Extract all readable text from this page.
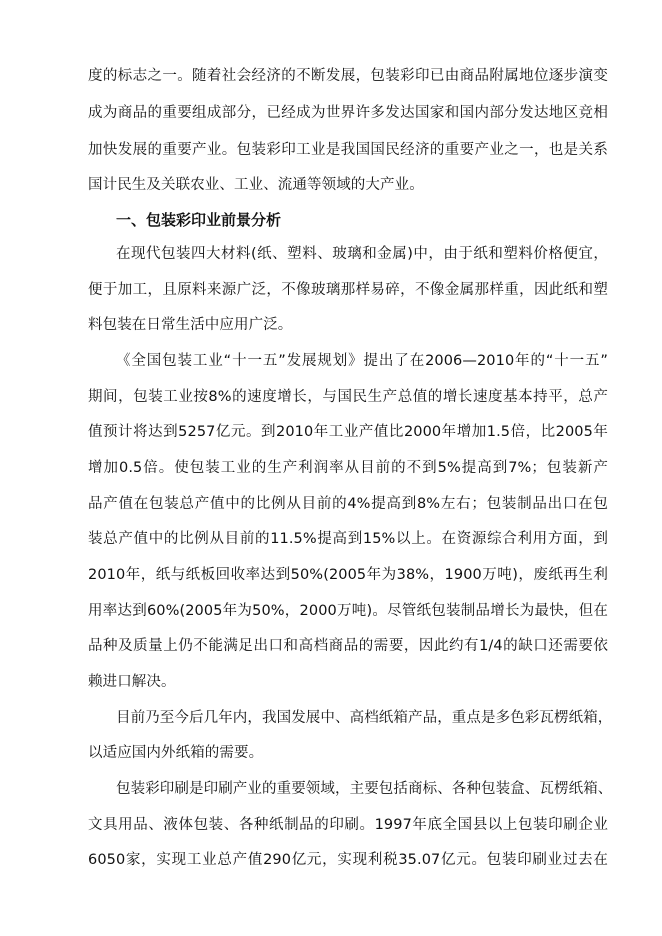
度的标志之一。随着社会经济的不断发展，包装彩印已由商品附属地位逐步演变
成为商品的重要组成部分，已经成为世界许多发达国家和国内部分发达地区竞相
加快发展的重要产业。包装彩印工业是我国国民经济的重要产业之一，也是关系
国计民生及关联农业、工业、流通等领域的大产业。
一、包装彩印业前景分析
在现代包装四大材料(纸、塑料、玻璃和金属)中，由于纸和塑料价格便宜，
便于加工，且原料来源广泛，不像玻璃那样易碎，不像金属那样重，因此纸和塑
料包装在日常生活中应用广泛。
《全国包装工业“十一五”发展规划》提出了在2006—2010年的“十一五”
期间，包装工业按8%的速度增长，与国民生产总值的增长速度基本持平，总产
值预计将达到5257亿元。到2010年工业产值比2000年增加1.5倍，比2005年
增加0.5倍。使包装工业的生产利润率从目前的不到5%提高到7%；包装新产
品产值在包装总产值中的比例从目前的4%提高到8%左右；包装制品出口在包
装总产值中的比例从目前的11.5%提高到15%以上。在资源综合利用方面，到
2010年，纸与纸板回收率达到50%(2005年为38%，1900万吨)，废纸再生利
用率达到60%(2005年为50%，2000万吨)。尽管纸包装制品增长为最快，但在
品种及质量上仍不能满足出口和高档商品的需要，因此约有1/4的缺口还需要依
赖进口解决。
目前乃至今后几年内，我国发展中、高档纸箱产品，重点是多色彩瓦楞纸箱，
以适应国内外纸箱的需要。
包装彩印刷是印刷产业的重要领域，主要包括商标、各种包装盒、瓦楞纸箱、
文具用品、液体包装、各种纸制品的印刷。1997年底全国县以上包装印刷企业
6050家，实现工业总产值290亿元，实现利税35.07亿元。包装印刷业过去在
